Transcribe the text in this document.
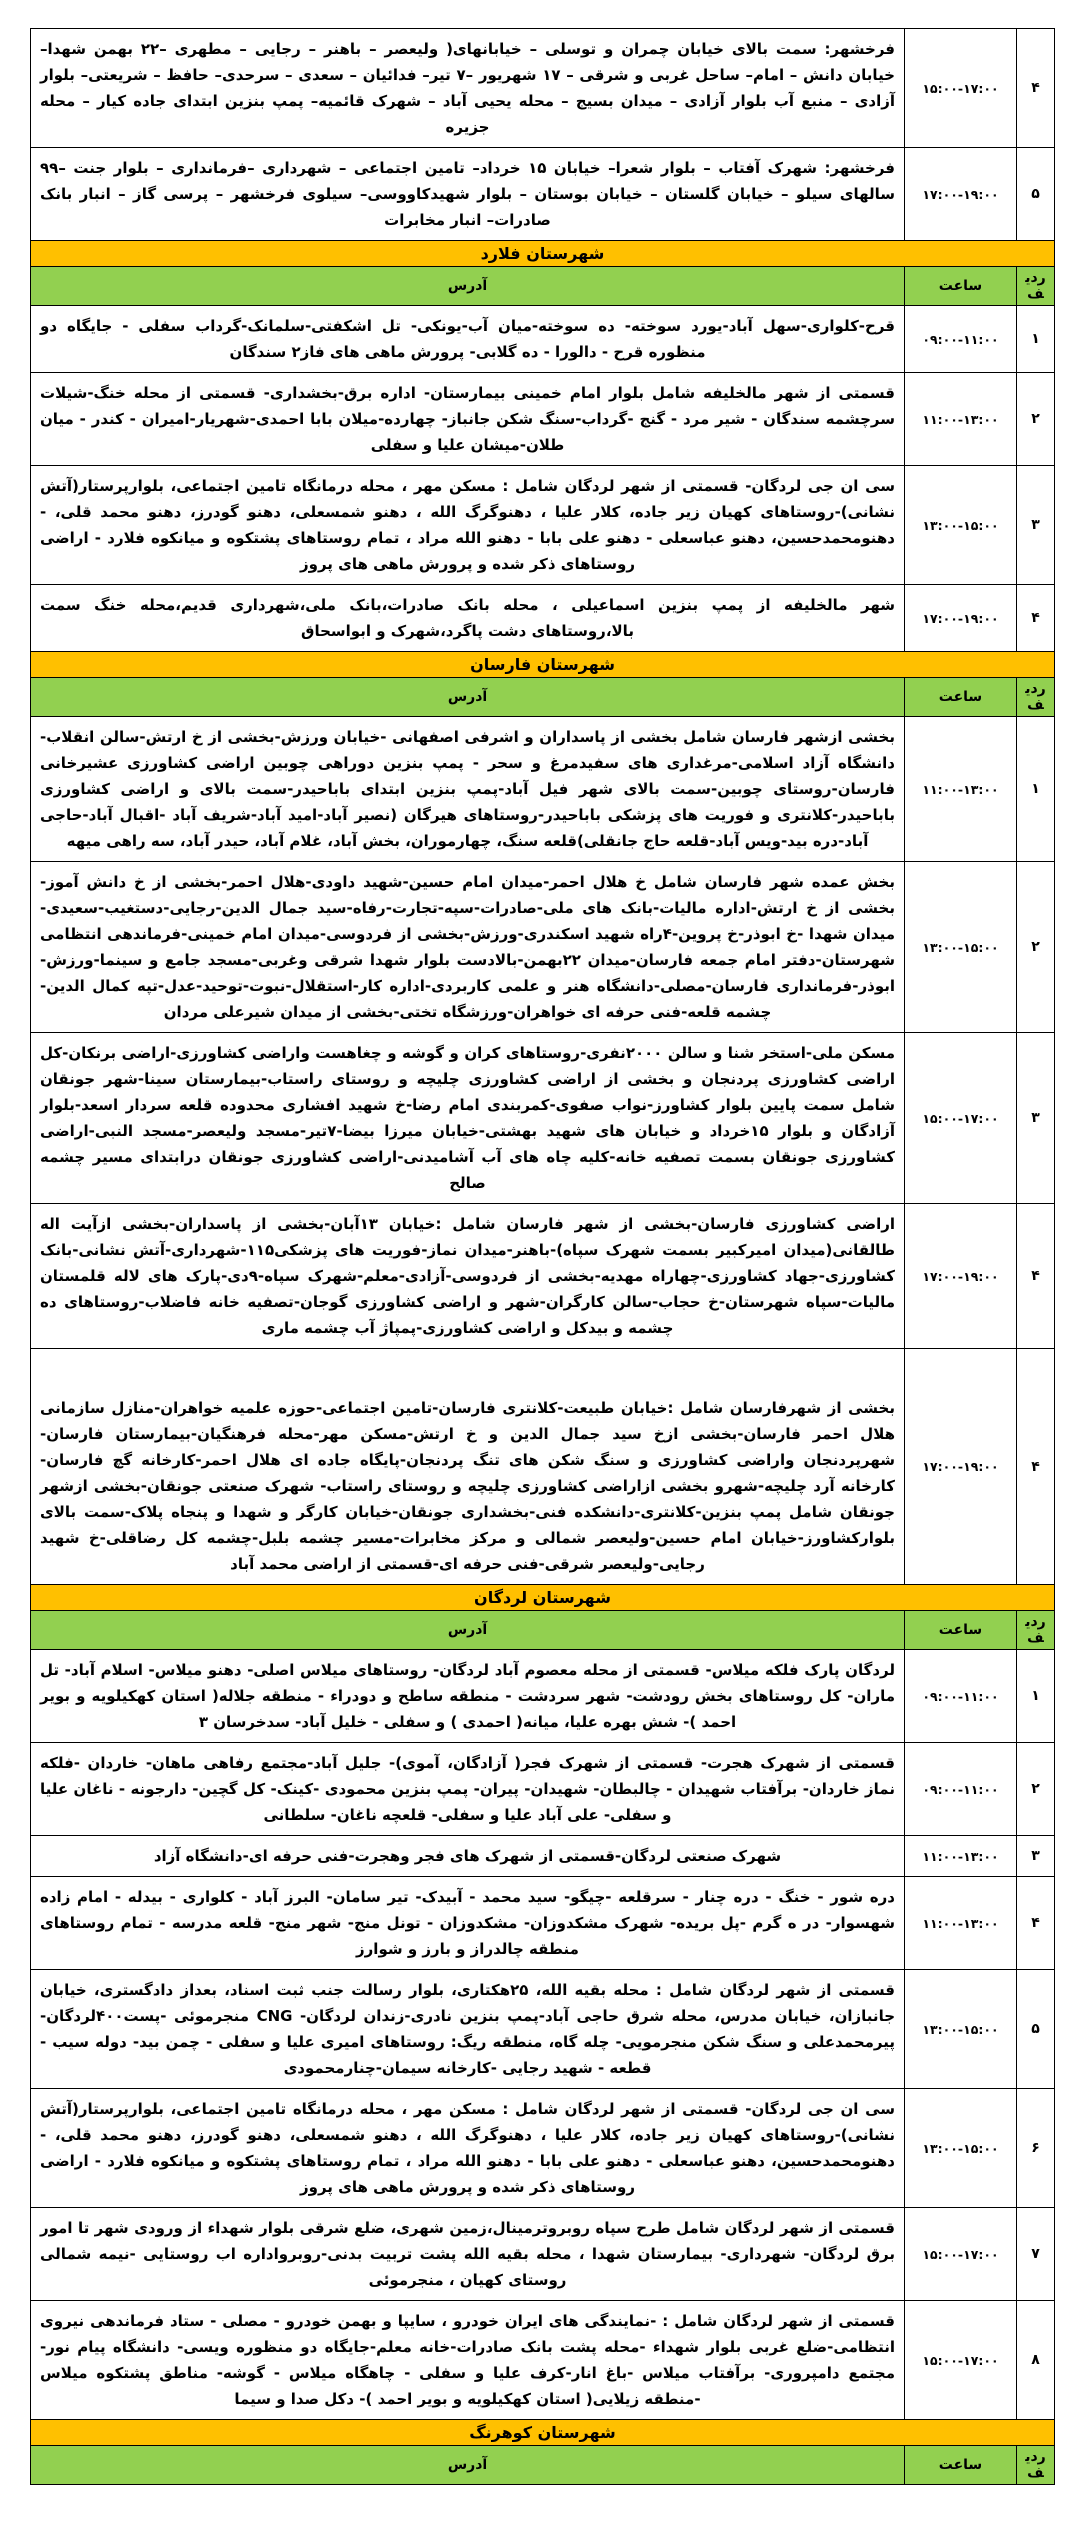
۴	۱۵:۰۰-۱۷:۰۰	فرخشهر: سمت بالای خیابان چمران و توسلی – خیابانهای( ولیعصر – باهنر – رجایی – مطهری –۲۲ بهمن شهدا– خیابان دانش – امام– ساحل غربی و شرقی – ۱۷ شهریور –۷ تیر– فدائیان – سعدی – سرحدی– حافظ – شریعتی– بلوار آزادی – منبع آب بلوار آزادی – میدان بسیج – محله یحیی آباد – شهرک قائمیه– پمپ بنزین ابتدای جاده کیار – محله جزیره
۵	۱۷:۰۰-۱۹:۰۰	فرخشهر: شهرک آفتاب – بلوار شعرا– خیابان ۱۵ خرداد– تامین اجتماعی – شهرداری –فرمانداری – بلوار جنت –۹۹ سالهای سیلو – خیابان گلستان – خیابان بوستان – بلوار شهیدکاووسی– سیلوی فرخشهر – پرسی گاز – انبار بانک صادرات– انبار مخابرات
شهرستان فلارد		
ردیف	ساعت	آدرس
۱	۰۹:۰۰-۱۱:۰۰	قرح-کلواری-سهل آباد-یورد سوخته- ده سوخته-میان آب-یونکی- تل اشکفتی-سلمانک-گرداب سفلی - جایگاه دو منظوره قرح - دالورا - ده گلابی- پرورش ماهی های فاز۲ سندگان
۲	۱۱:۰۰-۱۳:۰۰	قسمتی از شهر مالخلیفه شامل بلوار امام خمینی بیمارستان- اداره برق-بخشداری- قسمتی از محله خنگ-شیلات سرچشمه سندگان - شیر مرد - گنج -گرداب-سنگ شکن جانباز- چهارده-میلان بابا احمدی-شهریار-امیران - کندر - میان طلان-میشان علیا و سفلی
۳	۱۳:۰۰-۱۵:۰۰	سی ان جی لردگان- قسمتی از شهر لردگان شامل : مسکن مهر ، محله درمانگاه تامین اجتماعی، بلوارپرستار(آتش نشانی)-روستاهای کهیان زیر جاده، کلار علیا ، دهنوگرگ الله ، دهنو شمسعلی، دهنو گودرز، دهنو محمد قلی، - دهنومحمدحسین، دهنو عباسعلی - دهنو علی بابا - دهنو الله مراد ، تمام روستاهای پشتکوه و میانکوه فلارد - اراضی روستاهای ذکر شده و پرورش ماهی های پروز
۴	۱۷:۰۰-۱۹:۰۰	شهر مالخلیفه از پمپ بنزین اسماعیلی ، محله بانک صادرات،بانک ملی،شهرداری قدیم،محله خنگ سمت بالا،روستاهای دشت پاگرد،شهرک و ابواسحاق
شهرستان فارسان		
ردیف	ساعت	آدرس
۱	۱۱:۰۰-۱۳:۰۰	بخشی ازشهر فارسان شامل بخشی از پاسداران و اشرفی اصفهانی -خیابان ورزش-بخشی از خ ارتش-سالن انقلاب-دانشگاه آزاد اسلامی-مرغداری های سفیدمرغ و سحر - پمپ بنزین دوراهی چوبین اراضی کشاورزی عشیرخانی فارسان-روستای چوبین-سمت بالای شهر فیل آباد-پمپ بنزین ابتدای باباحیدر-سمت بالای و اراضی کشاورزی باباحیدر-کلانتری و فوریت های پزشکی باباحیدر-روستاهای هیرگان (نصیر آباد-امید آباد-شریف آباد -اقبال آباد-حاجی آباد-دره بید-ویس آباد-قلعه حاج جانقلی)قلعه سنگ، چهارموران، بخش آباد، غلام آباد، حیدر آباد، سه راهی میهه
۲	۱۳:۰۰-۱۵:۰۰	بخش عمده شهر فارسان شامل خ هلال احمر-میدان امام حسین-شهید داودی-هلال احمر-بخشی از خ دانش آموز-بخشی از خ ارتش-اداره مالیات-بانک های ملی-صادرات-سپه-تجارت-رفاه-سید جمال الدین-رجایی-دستغیب-سعیدی-میدان شهدا -خ ابوذر-خ پروین-۴راه شهید اسکندری-ورزش-بخشی از فردوسی-میدان امام خمینی-فرماندهی انتظامی شهرستان-دفتر امام جمعه فارسان-میدان ۲۲بهمن-بالادست بلوار شهدا شرقی وغربی-مسجد جامع و سینما-ورزش-ابوذر-فرمانداری فارسان-مصلی-دانشگاه هنر و علمی کاربردی-اداره کار-استقلال-نبوت-توحید-عدل-تپه کمال الدین-چشمه قلعه-فنی حرفه ای خواهران-ورزشگاه تختی-بخشی از میدان شیرعلی مردان
۳	۱۵:۰۰-۱۷:۰۰	مسکن ملی-استخر شنا و سالن ۲۰۰۰نفری-روستاهای کران و گوشه و چغاهست واراضی کشاورزی-اراضی برنکان-کل اراضی کشاورزی پردنجان و بخشی از اراضی کشاورزی چلیچه و روستای راستاب-بیمارستان سینا-شهر جونقان شامل سمت پایین بلوار کشاورز-نواب صفوی-کمربندی امام رضا-خ شهید افشاری محدوده قلعه سردار اسعد-بلوار آزادگان و بلوار ۱۵خرداد و خیابان های شهید بهشتی-خیابان میرزا بیضا-۷تیر-مسجد ولیعصر-مسجد النبی-اراضی کشاورزی جونقان بسمت تصفیه خانه-کلیه چاه های آب آشامیدنی-اراضی کشاورزی جونقان درابتدای مسیر چشمه صالح
۴	۱۷:۰۰-۱۹:۰۰	اراضی کشاورزی فارسان-بخشی از شهر فارسان شامل :خیابان ۱۳آبان-بخشی از پاسداران-بخشی ازآیت اله طالقانی(میدان امیرکبیر بسمت شهرک سپاه)-باهنر-میدان نماز-فوریت های پزشکی۱۱۵-شهرداری-آتش نشانی-بانک کشاورزی-جهاد کشاورزی-چهاراه مهدیه-بخشی از فردوسی-آزادی-معلم-شهرک سپاه-۹دی-پارک های لاله قلمستان مالیات-سپاه شهرستان-خ حجاب-سالن کارگران-شهر و اراضی کشاورزی گوجان-تصفیه خانه فاضلاب-روستاهای ده چشمه و بیدکل و اراضی کشاورزی-پمپاژ آب چشمه ماری
۴	۱۷:۰۰-۱۹:۰۰	بخشی از شهرفارسان شامل :خیابان طبیعت-کلانتری فارسان-تامین اجتماعی-حوزه علمیه خواهران-منازل سازمانی هلال احمر فارسان-بخشی ازخ سید جمال الدین و خ ارتش-مسکن مهر-محله فرهنگیان-بیمارستان فارسان-شهرپردنجان واراضی کشاورزی و سنگ شکن های تنگ پردنجان-پایگاه جاده ای هلال احمر-کارخانه گچ فارسان-کارخانه آرد چلیچه-شهرو بخشی ازاراضی کشاورزی چلیچه و روستای راستاب- شهرک صنعتی جونقان-بخشی ازشهر جونقان شامل پمپ بنزین-کلانتری-دانشکده فنی-بخشداری جونقان-خیابان کارگر و شهدا و پنجاه پلاک-سمت بالای بلوارکشاورز-خیابان امام حسین-ولیعصر شمالی و مرکز مخابرات-مسیر چشمه بلبل-چشمه کل رضاقلی-خ شهید رجایی-ولیعصر شرقی-فنی حرفه ای-قسمتی از اراضی محمد آباد
شهرستان لردگان		
ردیف	ساعت	آدرس
۱	۰۹:۰۰-۱۱:۰۰	لردگان پارک فلکه میلاس- قسمتی از محله معصوم آباد لردگان- روستاهای میلاس اصلی- دهنو میلاس- اسلام آباد- تل ماران- کل روستاهای بخش رودشت- شهر سردشت - منطقه ساطح و دودراء - منطقه جلاله( استان کهکیلویه و بویر احمد )- شش بهره علیا، میانه( احمدی ) و سفلی - خلیل آباد- سدخرسان ۳
۲	۰۹:۰۰-۱۱:۰۰	قسمتی از شهرک هجرت- قسمتی از شهرک فجر( آزادگان، آموی)- جلیل آباد-مجتمع رفاهی ماهان- خاردان -فلکه نماز خاردان- برآفتاب شهیدان - چالبطان- شهیدان- پیران- پمپ بنزین محمودی -کینک- کل گچین- دارجونه - ناغان علیا و سفلی- علی آباد علیا و سفلی- قلعچه ناغان- سلطانی
۳	۱۱:۰۰-۱۳:۰۰	شهرک صنعتی لردگان-قسمتی از شهرک های فجر وهجرت-فنی حرفه ای-دانشگاه آزاد
۴	۱۱:۰۰-۱۳:۰۰	دره شور - خنگ - دره چنار - سرقلعه -چیگو- سید محمد - آبیدک- تیر سامان- البرز آباد - کلواری - بیدله - امام زاده شهسوار- در ه گرم -پل بریده- شهرک مشکدوزان- مشکدوزان - تونل منج- شهر منج- قلعه مدرسه - تمام روستاهای منطقه چالدراز و بارز و شوارز
۵	۱۳:۰۰-۱۵:۰۰	قسمتی از شهر لردگان شامل : محله بقیه الله، ۲۵هکتاری، بلوار رسالت جنب ثبت اسناد، بعداز دادگستری، خیابان جانبازان، خیابان مدرس، محله شرق حاجی آباد-پمپ بنزین نادری-زندان لردگان- CNG منجرموئی -پست۴۰۰لردگان-پیرمحمدعلی و سنگ شکن منجرمویی- چله گاه، منطقه ریگ: روستاهای امیری علیا و سفلی - چمن بید- دوله سیب - قطعه - شهید رجایی -کارخانه سیمان-چنارمحمودی
۶	۱۳:۰۰-۱۵:۰۰	سی ان جی لردگان- قسمتی از شهر لردگان شامل : مسکن مهر ، محله درمانگاه تامین اجتماعی، بلوارپرستار(آتش نشانی)-روستاهای کهیان زیر جاده، کلار علیا ، دهنوگرگ الله ، دهنو شمسعلی، دهنو گودرز، دهنو محمد قلی، - دهنومحمدحسین، دهنو عباسعلی - دهنو علی بابا - دهنو الله مراد ، تمام روستاهای پشتکوه و میانکوه فلارد - اراضی روستاهای ذکر شده و پرورش ماهی های پروز
۷	۱۵:۰۰-۱۷:۰۰	قسمتی از شهر لردگان شامل طرح سپاه روبروترمینال،زمین شهری، ضلع شرقی بلوار شهداء از ورودی شهر تا امور برق لردگان- شهرداری- بیمارستان شهدا ، محله بقیه الله پشت تربیت بدنی-روبرواداره اب روستایی -نیمه شمالی روستای کهیان ، منجرموئی
۸	۱۵:۰۰-۱۷:۰۰	قسمتی از شهر لردگان شامل : -نمایندگی های ایران خودرو ، سایپا و بهمن خودرو - مصلی - ستاد فرماندهی نیروی انتظامی-ضلع غربی بلوار شهداء -محله پشت بانک صادرات-خانه معلم-جایگاه دو منظوره ویسی- دانشگاه پیام نور-مجتمع دامپروری- برآفتاب میلاس -باغ انار-کرف علیا و سفلی - چاهگاه میلاس - گوشه- مناطق پشتکوه میلاس -منطقه زیلایی( استان کهکیلویه و بویر احمد )- دکل صدا و سیما
شهرستان کوهرنگ		
ردیف	ساعت	آدرس
